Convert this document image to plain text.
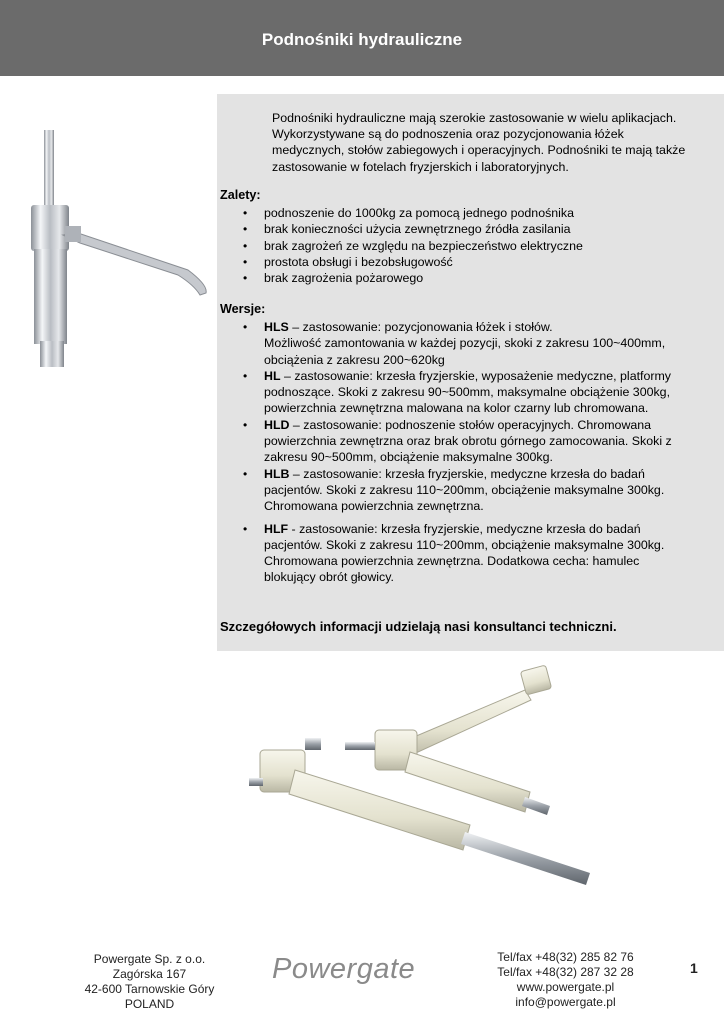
Podnośniki hydrauliczne
Podnośniki hydrauliczne mają szerokie zastosowanie w wielu aplikacjach.
Wykorzystywane są do podnoszenia oraz pozycjonowania łóżek
medycznych, stołów zabiegowych i operacyjnych. Podnośniki te mają także
zastosowanie w fotelach fryzjerskich i laboratoryjnych.
Zalety:
• podnoszenie do 1000kg za pomocą jednego podnośnika
• brak konieczności użycia zewnętrznego źródła zasilania
• brak zagrożeń ze względu na bezpieczeństwo elektryczne
• prostota obsługi i bezobsługowość
• brak zagrożenia pożarowego
Wersje:
• HLS – zastosowanie: pozycjonowania łóżek i stołów.
Możliwość zamontowania w każdej pozycji, skoki z zakresu 100~400mm,
obciążenia z zakresu 200~620kg
• HL – zastosowanie: krzesła fryzjerskie, wyposażenie medyczne, platformy
podnoszące. Skoki z zakresu 90~500mm, maksymalne obciążenie 300kg,
powierzchnia zewnętrzna malowana na kolor czarny lub chromowana.
• HLD – zastosowanie: podnoszenie stołów operacyjnych. Chromowana
powierzchnia zewnętrzna oraz brak obrotu górnego zamocowania. Skoki z
zakresu 90~500mm, obciążenie maksymalne 300kg.
• HLB – zastosowanie: krzesła fryzjerskie, medyczne krzesła do badań
pacjentów. Skoki z zakresu 110~200mm, obciążenie maksymalne 300kg.
Chromowana powierzchnia zewnętrzna.
• HLF - zastosowanie: krzesła fryzjerskie, medyczne krzesła do badań
pacjentów. Skoki z zakresu 110~200mm, obciążenie maksymalne 300kg.
Chromowana powierzchnia zewnętrzna. Dodatkowa cecha: hamulec
blokujący obrót głowicy.
Szczegółowych informacji udzielają nasi konsultanci techniczni.
Powergate Sp. z o.o.
Zagórska 167
42-600 Tarnowskie Góry
POLAND
Powergate	Tel/fax +48(32) 285 82 76
Tel/fax +48(32) 287 32 28
www.powergate.pl
info@powergate.pl
1
